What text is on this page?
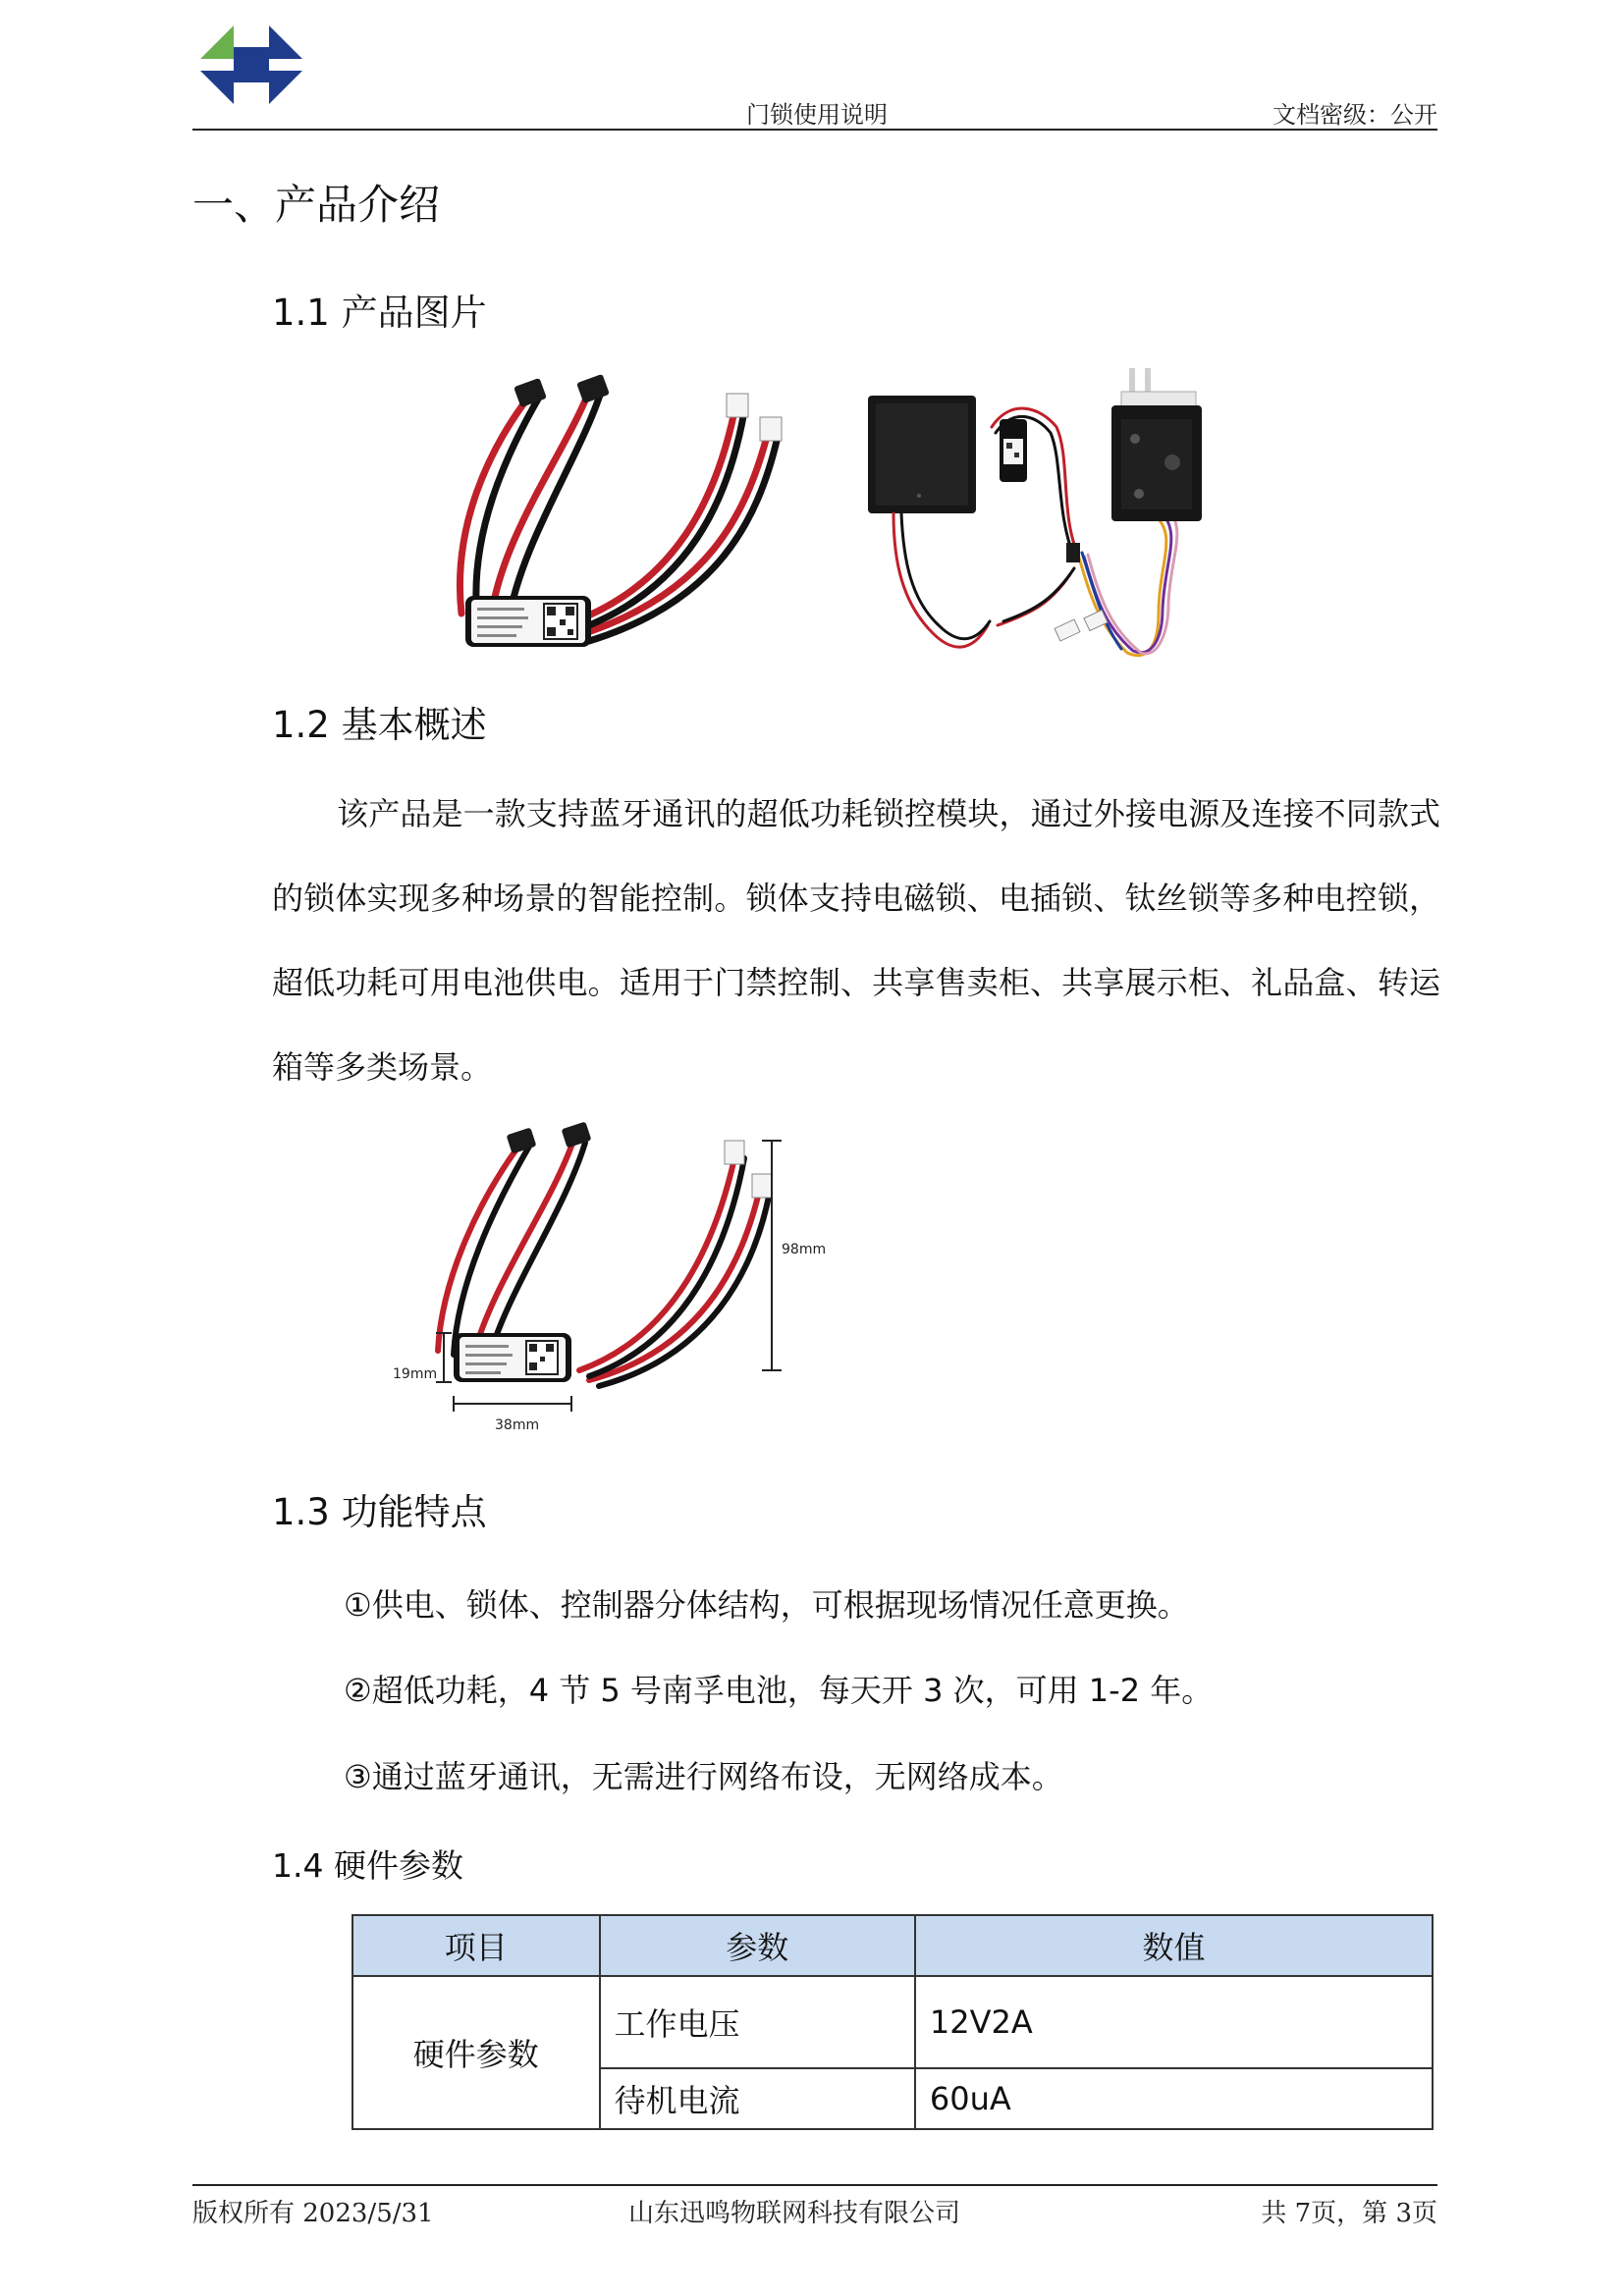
门锁使用说明	文档密级：公开
一、产品介绍
1.1 产品图片
1.2 基本概述

该产品是一款支持蓝牙通讯的超低功耗锁控模块，通过外接电源及连接不同款式的锁体实现多种场景的智能控制。锁体支持电磁锁、电插锁、钛丝锁等多种电控锁，超低功耗可用电池供电。适用于门禁控制、共享售卖柜、共享展示柜、礼品盒、转运箱等多类场景。

98mm
19mm
38mm
1.3 功能特点
①供电、锁体、控制器分体结构，可根据现场情况任意更换。
②超低功耗，4 节 5 号南孚电池，每天开 3 次，可用 1-2 年。
③通过蓝牙通讯，无需进行网络布设，无网络成本。
1.4 硬件参数
项目	参数	数值
硬件参数	工作电压	12V2A
	待机电流	60uA
版权所有 2023/5/31	山东迅鸣物联网科技有限公司	共 7页，第 3页
